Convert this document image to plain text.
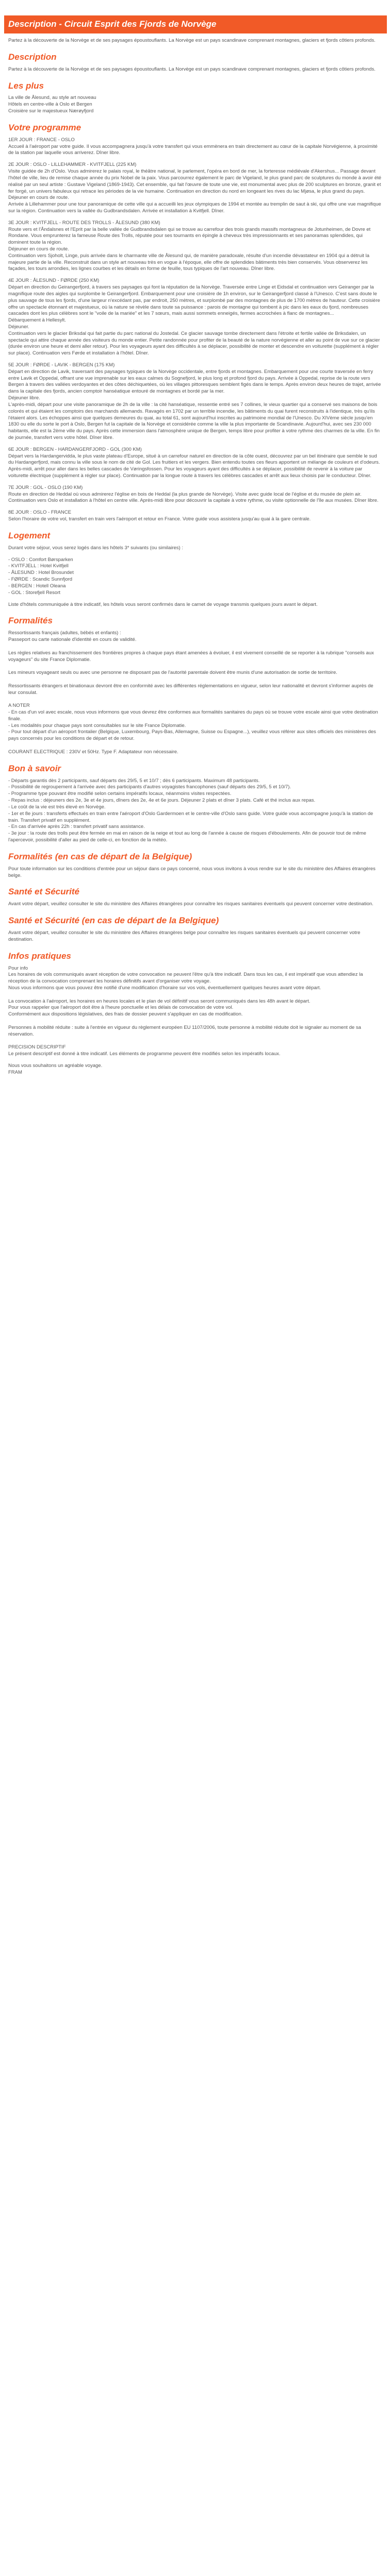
Description - Circuit Esprit des Fjords de Norvège

Partez à la découverte de la Norvège et de ses paysages époustouflants. La Norvège est un pays scandinave comprenant montagnes, glaciers et fjords côtiers profonds.

Description

Partez à la découverte de la Norvège et de ses paysages époustouflants. La Norvège est un pays scandinave comprenant montagnes, glaciers et fjords côtiers profonds.

Les plus
La ville de Ålesund, au style art nouveau
Hôtels en centre-ville à Oslo et Bergen
Croisière sur le majestueux Nærøyfjord
Votre programme
1ER JOUR : FRANCE - OSLO
Accueil à l'aéroport par votre guide. Il vous accompagnera jusqu'à votre transfert qui vous emmènera en train directement au cœur de la capitale Norvégienne, à proximité de la station par laquelle vous arriverez. Dîner libre.
2E JOUR : OSLO - LILLEHAMMER - KVITFJELL (225 KM)
Visite guidée de 2h d'Oslo. Vous admirerez le palais royal, le théâtre national, le parlement, l'opéra en bord de mer, la forteresse médiévale d'Akershus... Passage devant l'hôtel de ville, lieu de remise chaque année du prix Nobel de la paix. Vous parcourrez également le parc de Vigeland, le plus grand parc de sculptures du monde à avoir été réalisé par un seul artiste : Gustave Vigeland (1869-1943). Cet ensemble, qui fait l'œuvre de toute une vie, est monumental avec plus de 200 sculptures en bronze, granit et fer forgé, un univers fabuleux qui retrace les périodes de la vie humaine. Continuation en direction du nord en longeant les rives du lac Mjøsa, le plus grand du pays.
Déjeuner en cours de route.
Arrivée à Lillehammer pour une tour panoramique de cette ville qui a accueilli les jeux olympiques de 1994 et montée au tremplin de saut à ski, qui offre une vue magnifique sur la région. Continuation vers la vallée du Gudbrandsdalen. Arrivée et installation à Kvitfjell. Dîner.
3E JOUR : KVITFJELL - ROUTE DES TROLLS - ÅLESUND (380 KM)
Route vers et l'Åndalsnes et l'Eprit par la belle vallée de Gudbrandsdalen qui se trouve au carrefour des trois grands massifs montagneux de Jotunheimen, de Dovre et Rondane. Vous emprunterez la fameuse Route des Trolls, réputée pour ses tournants en épingle à cheveux très impressionnants et ses panoramas splendides, qui dominent toute la région.
Déjeuner en cours de route.
Continuation vers Sjoholt, Linge, puis arrivée dans le charmante ville de Ålesund qui, de manière paradoxale, résulte d'un incendie dévastateur en 1904 qui a détruit la majeure partie de la ville. Reconstruit dans un style art nouveau très en vogue à l'époque, elle offre de splendides bâtiments très bien conservés. Vous observerez les façades, les tours arrondies, les lignes courbes et les détails en forme de feuille, tous typiques de l'art nouveau. Dîner libre.
4E JOUR : ÅLESUND - FØRDE (250 KM)
Départ en direction du Geirangerfjord, à travers ses paysages qui font la réputation de la Norvège. Traversée entre Linge et Eidsdal et continuation vers Geiranger par la magnifique route des aigles qui surplombe le Geirangerfjord. Embarquement pour une croisière de 1h environ, sur le Geirangerfjord classé à l'Unesco. C'est sans doute le plus sauvage de tous les fjords, d'une largeur n'excédant pas, par endroit, 250 mètres, et surplombé par des montagnes de plus de 1700 mètres de hauteur. Cette croisière offre un spectacle étonnant et majestueux, où la nature se révèle dans toute sa puissance : parois de montagne qui tombent à pic dans les eaux du fjord, nombreuses cascades dont les plus célèbres sont le "voile de la mariée" et les 7 sœurs, mais aussi sommets enneigés, fermes accrochées à flanc de montagnes...
Débarquement à Hellesylt.
Déjeuner.
Continuation vers le glacier Briksdal qui fait partie du parc national du Jostedal. Ce glacier sauvage tombe directement dans l'étroite et fertile vallée de Briksdalen, un spectacle qui attire chaque année des visiteurs du monde entier. Petite randonnée pour profiter de la beauté de la nature norvégienne et aller au point de vue sur ce glacier (durée environ une heure et demi aller retour). Pour les voyageurs ayant des difficultés à se déplacer, possibilité de monter et descendre en voiturette (supplément à régler sur place). Continuation vers Førde et installation à l'hôtel. Dîner.
5E JOUR : FØRDE - LAVIK - BERGEN (175 KM)
Départ en direction de Lavik, traversant des paysages typiques de la Norvège occidentale, entre fjords et montagnes. Embarquement pour une courte traversée en ferry entre Lavik et Oppedal, offrant une vue imprenable sur les eaux calmes du Sognefjord, le plus long et profond fjord du pays. Arrivée à Oppedal, reprise de la route vers Bergen à travers des vallées verdoyantes et des côtes déchiquetées, où les villages pittoresques semblent figés dans le temps. Après environ deux heures de trajet, arrivée dans la capitale des fjords, ancien comptoir hanséatique entouré de montagnes et bordé par la mer.
Déjeuner libre.
L'après-midi, départ pour une visite panoramique de 2h de la ville : la cité hanséatique, ressentie entré ses 7 collines, le vieux quartier qui a conservé ses maisons de bois colorés et qui étaient les comptoirs des marchands allemands. Ravagés en 1702 par un terrible incendie, les bâtiments du quai furent reconstruits à l'identique, très qu'ils l'étaient alors. Les échoppes ainsi que quelques demeures du quai, au total 61, sont aujourd'hui inscrites au patrimoine mondial de l'Unesco. Du XIVème siècle jusqu'en 1830 ou elle du sorte le port à Oslo, Bergen fut la capitale de la Norvège et considérée comme la ville la plus importante de Scandinavie. Aujourd'hui, avec ses 230 000 habitants, elle est la 2ème ville du pays. Après cette immersion dans l'atmosphère unique de Bergen, temps libre pour profiter à votre rythme des charmes de la ville. En fin de journée, transfert vers votre hôtel. Dîner libre.
6E JOUR : BERGEN - HARDANGERFJORD - GOL (300 KM)
Départ vers la Hardangervidda, le plus vaste plateau d'Europe, situé à un carrefour naturel en direction de la côte ouest, découvrez par un bel itinéraire que semble le sud du Hardangerfjord, mais connu la ville sous le nom de cité de Gol. Les fruitiers et les vergers. Bien entendu toutes ces fleurs apportent un mélange de couleurs et d'odeurs. Après-midi, arrêt pour aller dans les belles cascades de Vøringsfossen. Pour les voyageurs ayant des difficultés à se déplacer, possibilité de revenir à la voiture par voiturette électrique (supplément à régler sur place). Continuation par la longue route à travers les célèbres cascades et arrêt aux lieux choisis par le conducteur. Dîner.
7E JOUR : GOL - OSLO (190 KM)
Route en direction de Heddal où vous admirerez l'église en bois de Heddal (la plus grande de Norvège). Visite avec guide local de l'église et du musée de plein air. Continuation vers Oslo et installation à l'hôtel en centre ville. Après-midi libre pour découvrir la capitale à votre rythme, ou visite optionnelle de l'île aux musées. Dîner libre.
8E JOUR : OSLO - FRANCE
Selon l'horaire de votre vol, transfert en train vers l'aéroport et retour en France. Votre guide vous assistera jusqu'au quai à la gare centrale.
Logement

Durant votre séjour, vous serez logés dans les hôtels 3* suivants (ou similaires) :

- OSLO : Comfort Børsparken
- KVITFJELL : Hotel Kvitfjell
- ÅLESUND : Hotel Brosundet
- FØRDE : Scandic Sunnfjord
- BERGEN : Hotell Oleana
- GOL : Storefjell Resort

Liste d'hôtels communiquée à titre indicatif, les hôtels vous seront confirmés dans le carnet de voyage transmis quelques jours avant le départ.

Formalités

Ressortissants français (adultes, bébés et enfants) :
Passeport ou carte nationale d'identité en cours de validité.

Les règles relatives au franchissement des frontières propres à chaque pays étant amenées à évoluer, il est vivement conseillé de se reporter à la rubrique "conseils aux voyageurs" du site France Diplomatie.

Les mineurs voyageant seuls ou avec une personne ne disposant pas de l'autorité parentale doivent être munis d'une autorisation de sortie de territoire.

Ressortissants étrangers et binationaux devront être en conformité avec les différentes réglementations en vigueur, selon leur nationalité et devront s'informer auprès de leur consulat.

A NOTER
- En cas d'un vol avec escale, nous vous informons que vous devrez être conformes aux formalités sanitaires du pays où se trouve votre escale ainsi que votre destination finale.
- Les modalités pour chaque pays sont consultables sur le site France Diplomatie.
- Pour tout départ d'un aéroport frontalier (Belgique, Luxembourg, Pays-Bas, Allemagne, Suisse ou Espagne...), veuillez vous référer aux sites officiels des ministères des pays concernés pour les conditions de départ et de retour.

COURANT ELECTRIQUE : 230V et 50Hz. Type F. Adaptateur non nécessaire.

Bon à savoir

- Départs garantis dès 2 participants, sauf départs des 29/5, 5 et 10/7 ; dès 6 participants. Maximum 48 participants.
- Possibilité de regroupement à l'arrivée avec des participants d'autres voyagistes francophones (sauf départs des 29/5, 5 et 10/7).
- Programme type pouvant être modifié selon certains impératifs locaux, néanmoins visites respectées.
- Repas inclus : déjeuners des 2e, 3e et 4e jours, dîners des 2e, 4e et 6e jours. Déjeuner 2 plats et dîner 3 plats. Café et thé inclus aux repas.
- Le coût de la vie est très élevé en Norvège.
- 1er et 8e jours : transferts effectués en train entre l'aéroport d'Oslo Gardermoen et le centre-ville d'Oslo sans guide. Votre guide vous accompagne jusqu'à la station de train. Transfert privatif en supplément.
- En cas d'arrivée après 22h : transfert privatif sans assistance.
- 3e jour : la route des trolls peut être fermée en mai en raison de la neige et tout au long de l'année à cause de risques d'éboulements. Afin de pouvoir tout de même l'apercevoir, possibilité d'aller au pied de celle-ci, en fonction de la météo.

Formalités (en cas de départ de la Belgique)

Pour toute information sur les conditions d'entrée pour un séjour dans ce pays concerné, nous vous invitons à vous rendre sur le site du ministère des Affaires étrangères belge.

Santé et Sécurité

Avant votre départ, veuillez consulter le site du ministère des Affaires étrangères pour connaître les risques sanitaires éventuels qui peuvent concerner votre destination.

Santé et Sécurité (en cas de départ de la Belgique)

Avant votre départ, veuillez consulter le site du ministère des Affaires étrangères belge pour connaître les risques sanitaires éventuels qui peuvent concerner votre destination.

Infos pratiques

Pour info
Les horaires de vols communiqués avant réception de votre convocation ne peuvent l'être qu'à titre indicatif. Dans tous les cas, il est impératif que vous attendiez la réception de la convocation comprenant les horaires définitifs avant d'organiser votre voyage.
Nous vous informons que vous pouvez être notifié d'une modification d'horaire sur vos vols, éventuellement quelques heures avant votre départ.

La convocation à l'aéroport, les horaires en heures locales et le plan de vol définitif vous seront communiqués dans les 48h avant le départ.
Pour vous rappeler que l'aéroport doit être à l'heure ponctuelle et les délais de convocation de votre vol.
Conformément aux dispositions législatives, des frais de dossier peuvent s'appliquer en cas de modification.

Personnes à mobilité réduite : suite à l'entrée en vigueur du règlement européen EU 1107/2006, toute personne à mobilité réduite doit le signaler au moment de sa réservation.

PRECISION DESCRIPTIF
Le présent descriptif est donné à titre indicatif. Les éléments de programme peuvent être modifiés selon les impératifs locaux.

Nous vous souhaitons un agréable voyage.
FRAM
